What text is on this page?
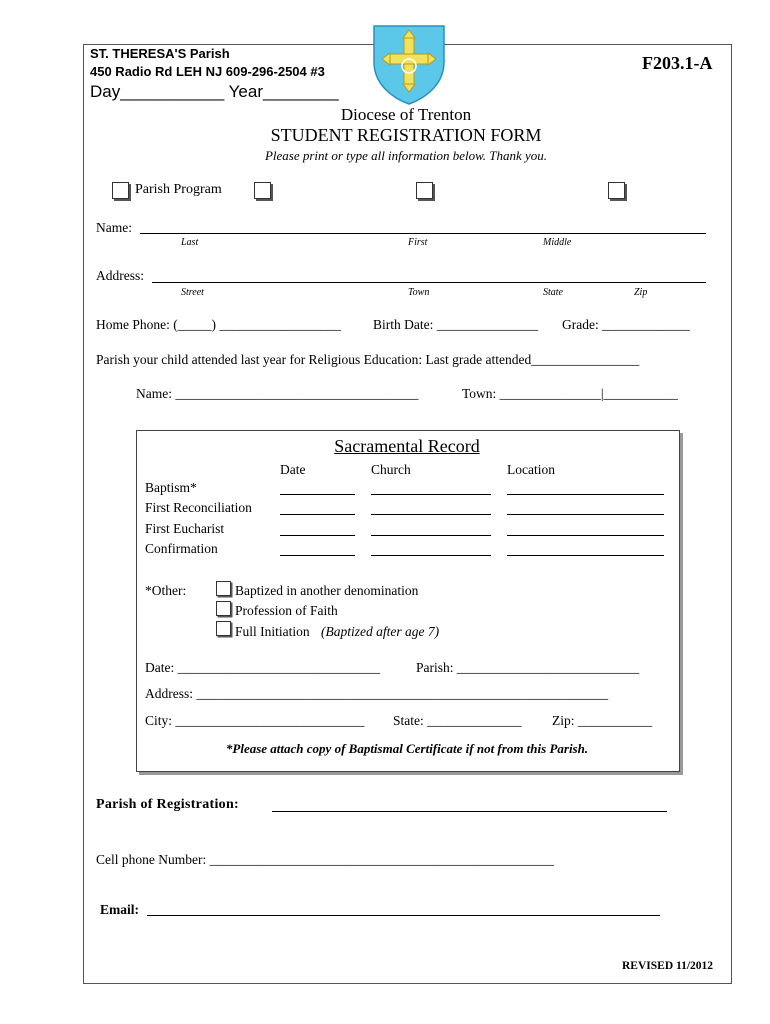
ST. THERESA'S Parish
450 Radio Rd LEH NJ 609-296-2504 #3
Day___________ Year________
F203.1-A
Diocese of Trenton
STUDENT REGISTRATION FORM
Please print or type all information below. Thank you.
Parish Program
Name:
Last	First	Middle
Address:
Street	Town	State	Zip
Home Phone: (_____) __________________ Birth Date: _______________ Grade: _____________
Parish your child attended last year for Religious Education: Last grade attended________________
Name: ____________________________________	Town: _______________|___________
Sacramental Record
Date	Church	Location
Baptism*
First Reconciliation
First Eucharist
Confirmation
*Other:	Baptized in another denomination
Profession of Faith
Full Initiation (Baptized after age 7)
Date: ______________________________	Parish: ___________________________
Address: _____________________________________________________________
City: ____________________________ State: ______________ Zip: ___________
*Please attach copy of Baptismal Certificate if not from this Parish.
Parish of Registration:
Cell phone Number: ___________________________________________________
Email:
REVISED 11/2012
